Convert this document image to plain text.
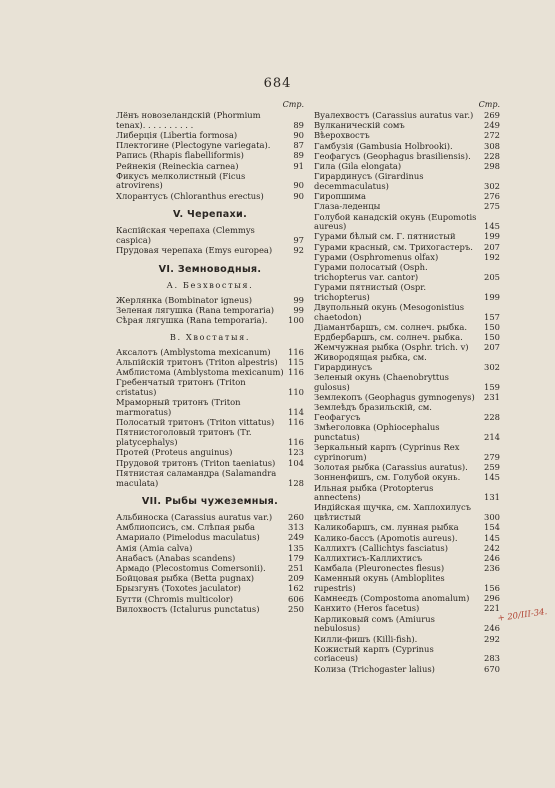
684
Стр.
Лёнъ новозеландскій (Phormium tenax). . . . . . . . . .	89
Либерція (Libertia formosa)	90
Плектогине (Plectogyne variegata).	87
Рапись (Rhapis flabelliformis)	89
Рейнекія (Reineckia carnea)	91
Фикусъ мелколистный (Ficus atrovirens)	90
Хлорантусъ (Chloranthus erectus)	90
V. Черепахи.
Каспійская черепаха (Clemmys caspica)	97
Прудовая черепаха (Emys europea)	92
VI. Земноводныя.
А. Безхвостыя.
Жерлянка (Bombinator igneus)	99
Зеленая лягушка (Rana temporaria)	99
Сѣрая лягушка (Rana temporaria).	100
В. Хвостатыя.
Аксалотъ (Amblystoma mexicanum)	116
Альпійскій тритонъ (Triton alpestris)	115
Амблистома (Amblystoma mexicanum) 116
Гребенчатый тритонъ (Triton cristatus)	110
Мраморный тритонъ (Triton marmoratus)	114
Полосатый тритонъ (Triton vittatus)	116
Пятнистоголовый тритонъ (Tr. platycephalys)	116
Протей (Proteus anguinus)	123
Прудовой тритонъ (Triton taeniatus)	104
Пятнистая саламандра (Salamandra maculata)	128
VII. Рыбы чужеземныя.
Альбиноска (Carassius auratus var.)	260
Амблиопсисъ, см. Слѣпая рыба	313
Амариало (Pimelodus maculatus)	249
Амія (Amia calva)	135
Анабасъ (Anabas scandens)	179
Армадо (Plecostomus Comersonii).	251
Бойцовая рыбка (Betta pugnax)	209
Брызгунъ (Toxotes jaculator)	162
Бутти (Chromis multicolor)	606
Вилохвостъ (Ictalurus punctatus)	250
Стр.
Вуалехвостъ (Carassius auratus var.)	269
Вулканическій сомъ	249
Вѣерохвостъ	272
Гамбузія (Gambusia Holbrooki).	308
Геофагусъ (Geophagus brasiliensis).	228
Гила (Gila elongata)	298
Гирардинусъ (Girardinus decemmaculatus)	302
Гиропшима	276
Глаза-леденцы	275
Голубой канадскій окунь (Eupomotis aureus)	145
Гурами бѣлый см. Г. пятнистый	199
Гурами красный, см. Трихогастеръ.	207
Гурами (Osphromenus olfax)	192
Гурами полосатый (Osph. trichopterus var. cantor)	205
Гурами пятнистый (Ospr. trichopterus)	199
Двупольный окунь (Mesogonistius chaetodon)	157
Діамантбаршъ, см. солнеч. рыбка.	150
Ердбербаршъ, см. солнеч. рыбка.	150
Жемчужная рыбка (Osphr. trich. v)	207
Живородящая рыбка, см. Гирардинусъ	302
Зеленый окунь (Chaenobryttus gulosus)	159
Землекопъ (Geophagus gymnogenys)	231
Землеѣдъ бразильскій, см. Геофагусъ	228
Змѣеголовка (Ophiocephalus punctatus)	214
Зеркальный карпъ (Cyprinus Rex cyprinorum)	279
Золотая рыбка (Carassius auratus).	259
Зонненфишъ, см. Голубой окунь.	145
Ильная рыбка (Protopterus annectens)	131
Индійская щучка, см. Хаплохилусъ цвѣтистый	300
Каликобаршъ, см. лунная рыбка	154
Калико-бассъ (Apomotis aureus).	145
Каллихтъ (Callichtys fasciatus)	242
Каллихтисъ-Каллихтисъ	246
Камбала (Pleuronectes flesus)	236
Каменный окунь (Ambloplites rupestris)	156
Камнеєдъ (Compostoma anomalum)	296
Канхито (Heros facetus)	221
Карликовый сомъ (Amiurus nebulosus)	246
Килли-фишъ (Killi-fish).	292
Кожистый карпъ (Cyprinus coriaceus)	283
Колиза (Trichogaster lalius)	670
+ 20/III-34.
